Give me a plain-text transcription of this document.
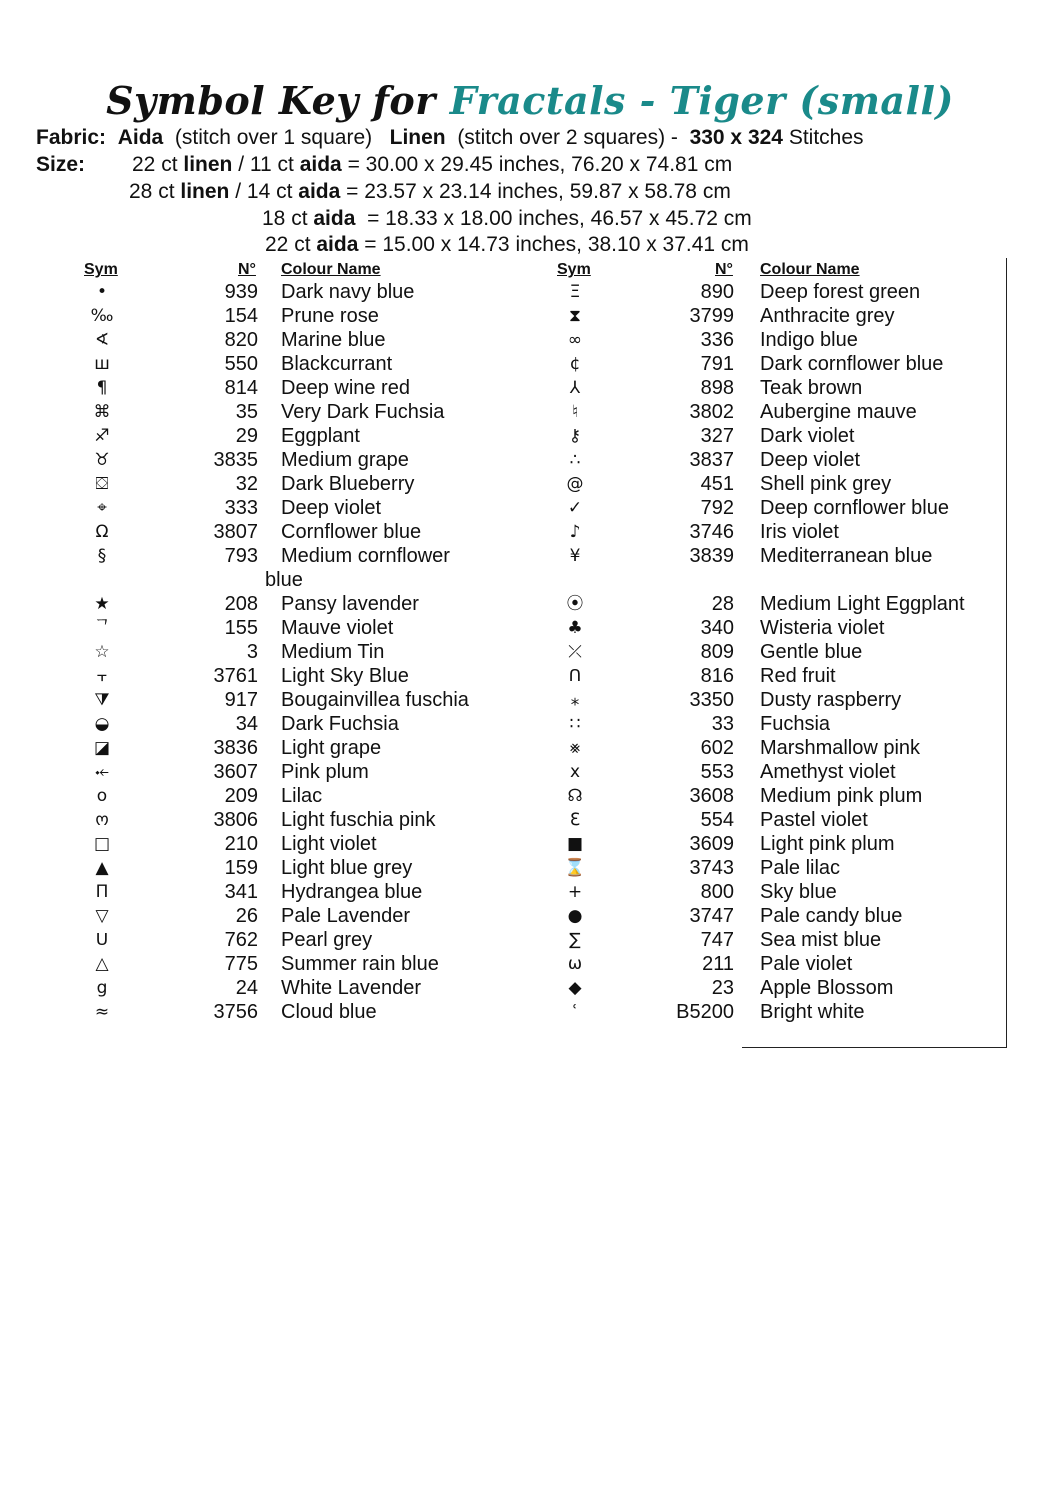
Symbol Key for Fractals - Tiger (small)
Fabric: Aida (stitch over 1 square) Linen (stitch over 2 squares) - 330 x 324 Stitches
Size: 22 ct linen / 11 ct aida = 30.00 x 29.45 inches, 76.20 x 74.81 cm
28 ct linen / 14 ct aida = 23.57 x 23.14 inches, 59.87 x 58.78 cm
18 ct aida  = 18.33 x 18.00 inches, 46.57 x 45.72 cm
22 ct aida = 15.00 x 14.73 inches, 38.10 x 37.41 cm
Sym	N° Colour Name
•	939 Dark navy blue
‰	154 Prune rose
∢	820 Marine blue
ш	550 Blackcurrant
¶	814 Deep wine red
⌘	35 Very Dark Fuchsia
♐	29 Eggplant
♉	3835 Medium grape
⛋	32 Dark Blueberry
⌖	333 Deep violet
Ω	3807 Cornflower blue
§	793 Medium cornflower
blue
★	208 Pansy lavender
ᄀ	155 Mauve violet
☆	3 Medium Tin
⫟	3761 Light Sky Blue
⧩	917 Bougainvillea fuschia
◒	34 Dark Fuchsia
◪	3836 Light grape
⤝	3607 Pink plum
o	209 Lilac
ო	3806 Light fuschia pink
□	210 Light violet
▲	159 Light blue grey
Π	341 Hydrangea blue
▽	26 Pale Lavender
ᑌ	762 Pearl grey
△	775 Summer rain blue
g	24 White Lavender
≈	3756 Cloud blue
Sym	N° Colour Name
Ξ	890 Deep forest green
⧗	3799 Anthracite grey
∞	336 Indigo blue
¢	791 Dark cornflower blue
⅄	898 Teak brown
♮	3802 Aubergine mauve
⚷	327 Dark violet
∴	3837 Deep violet
@	451 Shell pink grey
✓	792 Deep cornflower blue
♪	3746 Iris violet
¥	3839 Mediterranean blue
⦿	28 Medium Light Eggplant
♣	340 Wisteria violet
⤫	809 Gentle blue
ᑎ	816 Red fruit
⁎	3350 Dusty raspberry
∷	33 Fuchsia
⨳	602 Marshmallow pink
x	553 Amethyst violet
☊	3608 Medium pink plum
ℇ	554 Pastel violet
■	3609 Light pink plum
⌛	3743 Pale lilac
+	800 Sky blue
●	3747 Pale candy blue
∑	747 Sea mist blue
ω	211 Pale violet
◆	23 Apple Blossom
ʿ	B5200 Bright white
